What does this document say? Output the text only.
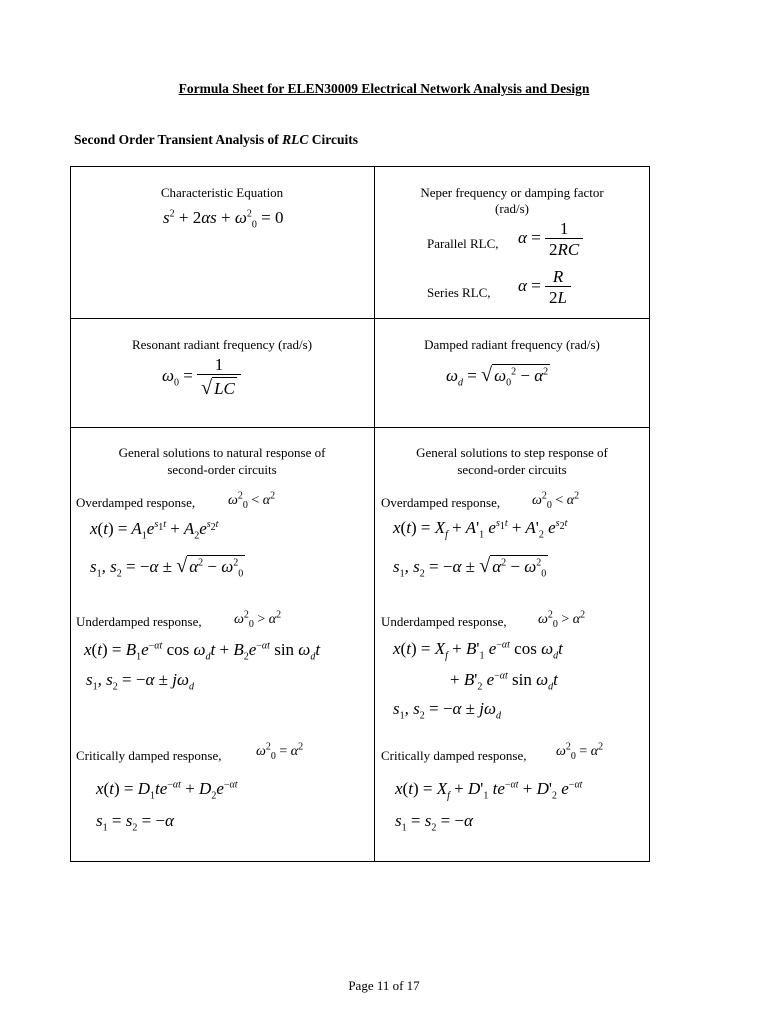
Formula Sheet for ELEN30009 Electrical Network Analysis and Design
Second Order Transient Analysis of RLC Circuits
Characteristic Equation
$s^2 + 2\alpha s + \omega^2_0 = 0$
Neper frequency or damping factor
(rad/s)
Parallel RLC, $\alpha = \frac{1}{2RC}$
Series RLC, $\alpha = \frac{R}{2L}$
Resonant radiant frequency (rad/s)
$\omega_0 = \frac{1}{√ LC}$
Damped radiant frequency (rad/s)
$\omega_d$ = √ $\omega_0^2 - \alpha^2$
General solutions to natural response of
second-order circuits
Overdamped response, $\omega^2_0 < \alpha^2$
$x(t) = A_1e^{s_1t} + A_2e^{s_2t}$
$s_1$, $s_2 = -\alpha$ ± √ $\alpha^2 - \omega^2_0$
Underdamped response, $\omega^2_0 > \alpha^2$
$x(t) = B_1e^{-\alpha t}$ $\cos \omega_dt + B_2e^{-\alpha t}$ $\sin \omega_dt$
$s_1$, $s_2 = -\alpha \pm j\omega_d$
Critically damped response, $\omega^2_0 = \alpha^2$
$x(t) = D_1te^{-\alpha t} + D_2e^{-\alpha t}$
$s_1 = s_2 = -\alpha$
General solutions to step response of
second-order circuits
Overdamped response, $\omega^2_0 < \alpha^2$
$x(t) = X_f + A'_1$ $e^{s_1t} + A'_2$ $e^{s_2t}$
$s_1$, $s_2 = -\alpha$ ± √ $\alpha^2 - \omega^2_0$
Underdamped response, $\omega^2_0 > \alpha^2$
$x(t) = X_f + B'_1$ $e^{-\alpha t}$ $\cos \omega_dt$
+ $B'_2$ $e^{-\alpha t}$ $\sin \omega_dt$
$s_1$, $s_2 = -\alpha \pm j\omega_d$
Critically damped response, $\omega^2_0 = \alpha^2$
$x(t) = X_f + D'_1$ $te^{-\alpha t} + D'_2$ $e^{-\alpha t}$
$s_1 = s_2 = -\alpha$
Page 11 of 17
